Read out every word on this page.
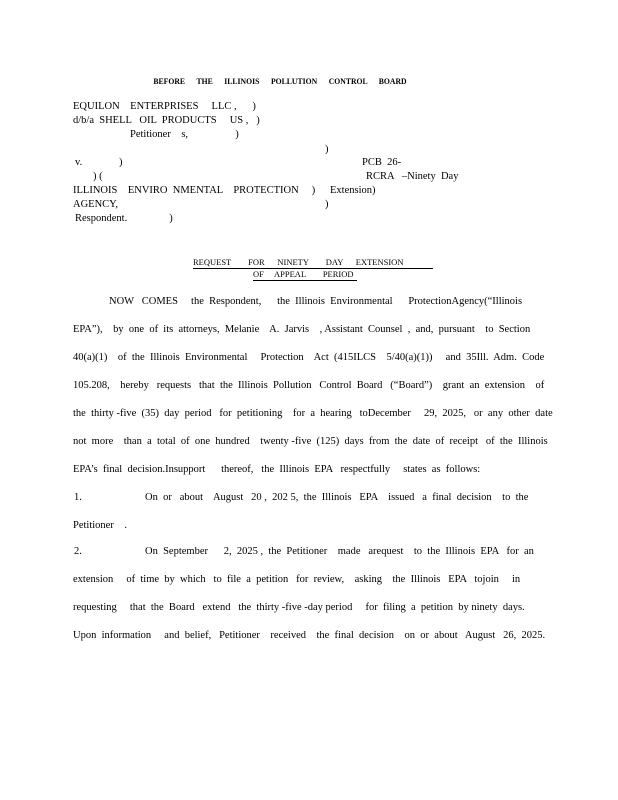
BEFORE      THE      ILLINOIS      POLLUTION      CONTROL      BOARD
EQUILON    ENTERPRISES     LLC ,      )
d/b/a  SHELL   OIL  PRODUCTS     US ,   )
Petitioner    s,                  )
)
v.              )	PCB  26-
) (	RCRA   –Ninety  Day
ILLINOIS    ENVIRO  NMENTAL    PROTECTION     ) Extension)
AGENCY,	)
Respondent.                )
REQUEST        FOR      NINETY        DAY      EXTENSION
OF     APPEAL        PERIOD
NOW   COMES     the  Respondent,      the  Illinois  Environmental      ProtectionAgency(“Illinois
EPA”),    by  one  of  its  attorneys,  Melanie    A.  Jarvis    , Assistant  Counsel  ,  and,  pursuant    to  Section
40(a)(1)    of  the  Illinois  Environmental     Protection    Act  (415ILCS    5/40(a)(1))     and  35Ill.  Adm.  Code
105.208,    hereby   requests   that  the  Illinois  Pollution   Control  Board   (“Board”)    grant  an  extension    of
the  thirty -five  (35)  day  period   for  petitioning    for  a  hearing   toDecember     29,  2025,   or  any  other  date
not  more    than  a  total  of  one  hundred    twenty -five  (125)  days  from  the  date  of  receipt   of  the  Illinois
EPA’s  final  decision.Insupport      thereof,   the  Illinois  EPA   respectfully     states  as  follows:
1.	On  or   about    August   20 ,  202 5,  the  Illinois   EPA    issued   a  final  decision    to  the
Petitioner    .
2.	On  September      2,  2025 ,  the  Petitioner    made   arequest    to  the  Illinois  EPA   for  an
extension     of  time  by  which   to  file  a  petition   for  review,    asking    the  Illinois   EPA   tojoin     in
requesting     that  the  Board   extend   the  thirty -five -day period     for  filing  a  petition  by ninety  days.
Upon  information     and  belief,   Petitioner    received    the  final  decision    on  or  about   August   26,  2025.
